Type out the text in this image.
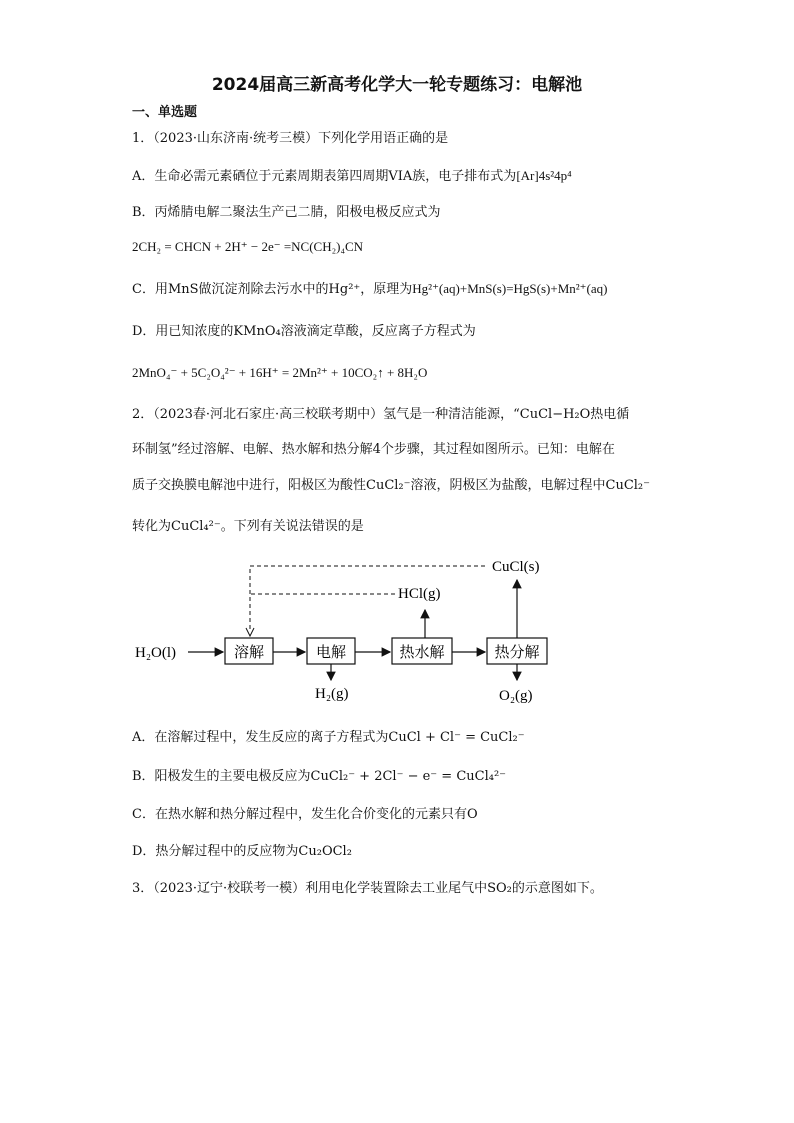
2024届高三新高考化学大一轮专题练习：电解池
一、单选题
1．（2023·山东济南·统考三模）下列化学用语正确的是
A．生命必需元素硒位于元素周期表第四周期VIA族，电子排布式为[Ar]4s²4p⁴
B．丙烯腈电解二聚法生产己二腈，阳极电极反应式为
2CH₂ = CHCN + 2H⁺ − 2e⁻ =NC(CH₂)₄CN
C．用MnS做沉淀剂除去污水中的Hg²⁺，原理为Hg²⁺(aq)+MnS(s)=HgS(s)+Mn²⁺(aq)
D．用已知浓度的KMnO₄溶液滴定草酸，反应离子方程式为
2MnO₄⁻ + 5C₂O₄²⁻ + 16H⁺ = 2Mn²⁺ + 10CO₂↑ + 8H₂O
2．（2023春·河北石家庄·高三校联考期中）氢气是一种清洁能源，“CuCl−H₂O热电循
环制氢”经过溶解、电解、热水解和热分解4个步骤，其过程如图所示。已知：电解在
质子交换膜电解池中进行，阳极区为酸性CuCl₂⁻溶液，阴极区为盐酸，电解过程中CuCl₂⁻
转化为CuCl₄²⁻。下列有关说法错误的是
H₂O(l)	溶解	电解	热水解	热分解
CuCl(s)
HCl(g)
H₂(g)	O₂(g)
A．在溶解过程中，发生反应的离子方程式为CuCl + Cl⁻ = CuCl₂⁻
B．阳极发生的主要电极反应为CuCl₂⁻ + 2Cl⁻ − e⁻ = CuCl₄²⁻
C．在热水解和热分解过程中，发生化合价变化的元素只有O
D．热分解过程中的反应物为Cu₂OCl₂
3．（2023·辽宁·校联考一模）利用电化学装置除去工业尾气中SO₂的示意图如下。
